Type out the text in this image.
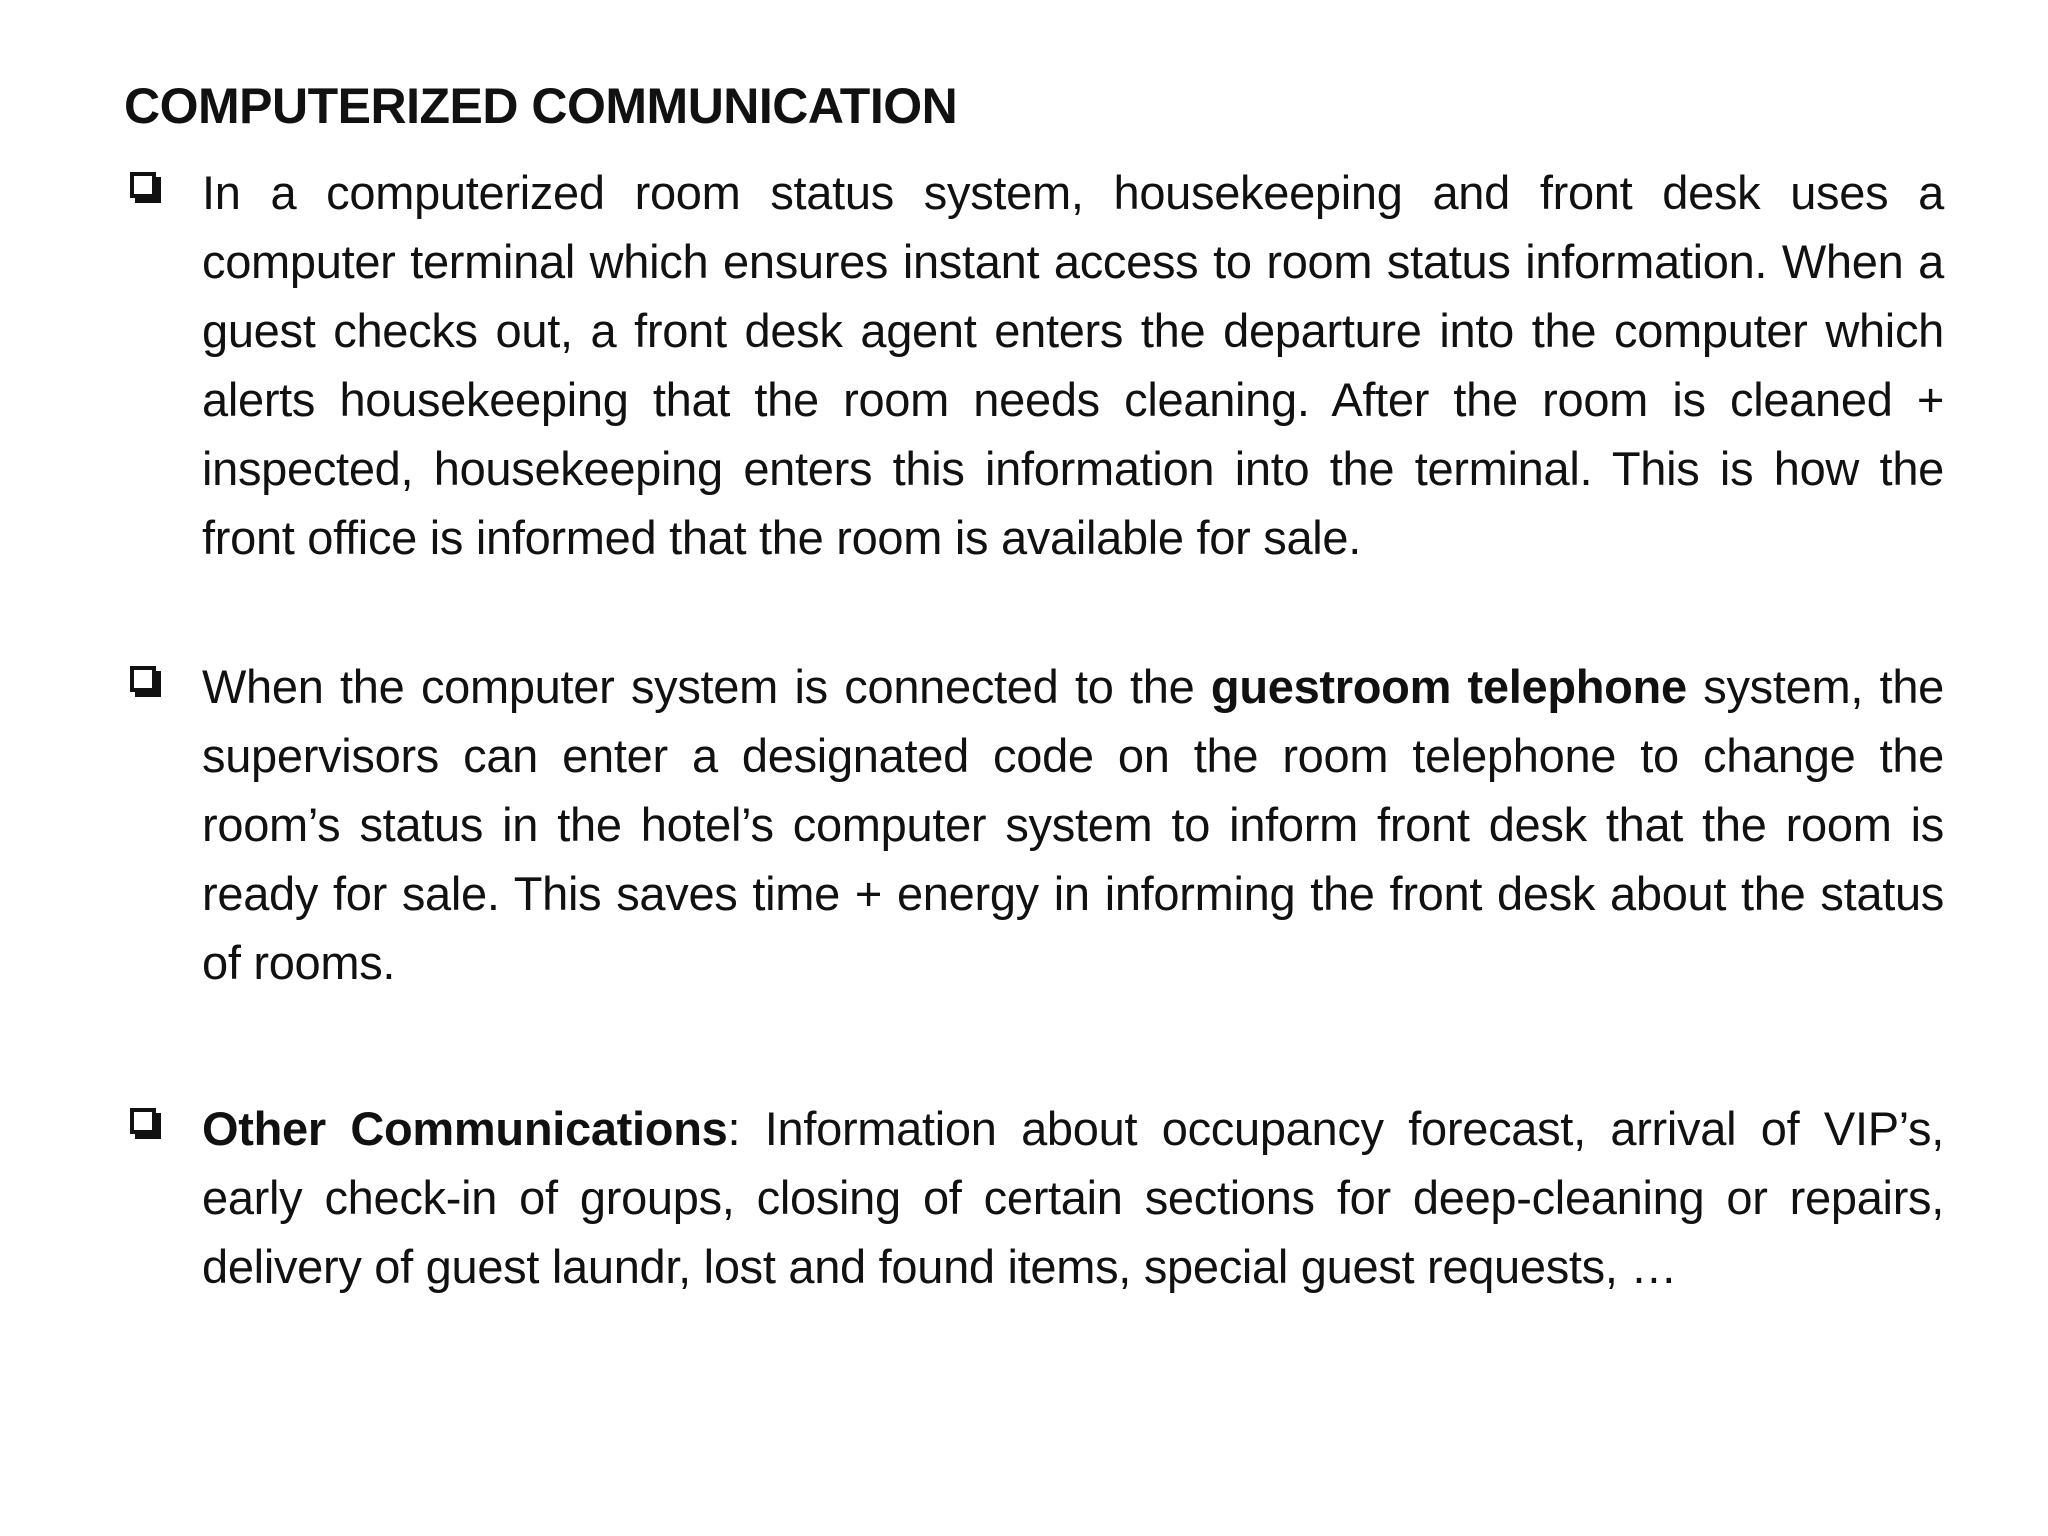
COMPUTERIZED COMMUNICATION
In a computerized room status system, housekeeping and front desk uses a computer terminal which ensures instant access to room status information. When a guest checks out, a front desk agent enters the departure into the computer which alerts housekeeping that the room needs cleaning. After the room is cleaned + inspected, housekeeping enters this information into the terminal. This is how the front office is informed that the room is available for sale.
When the computer system is connected to the guestroom telephone system, the supervisors can enter a designated code on the room telephone to change the room’s status in the hotel’s computer system to inform front desk that the room is ready for sale. This saves time + energy in informing the front desk about the status of rooms.
Other Communications: Information about occupancy forecast, arrival of VIP’s, early check-in of groups, closing of certain sections for deep-cleaning or repairs, delivery of guest laundr, lost and found items, special guest requests, …
